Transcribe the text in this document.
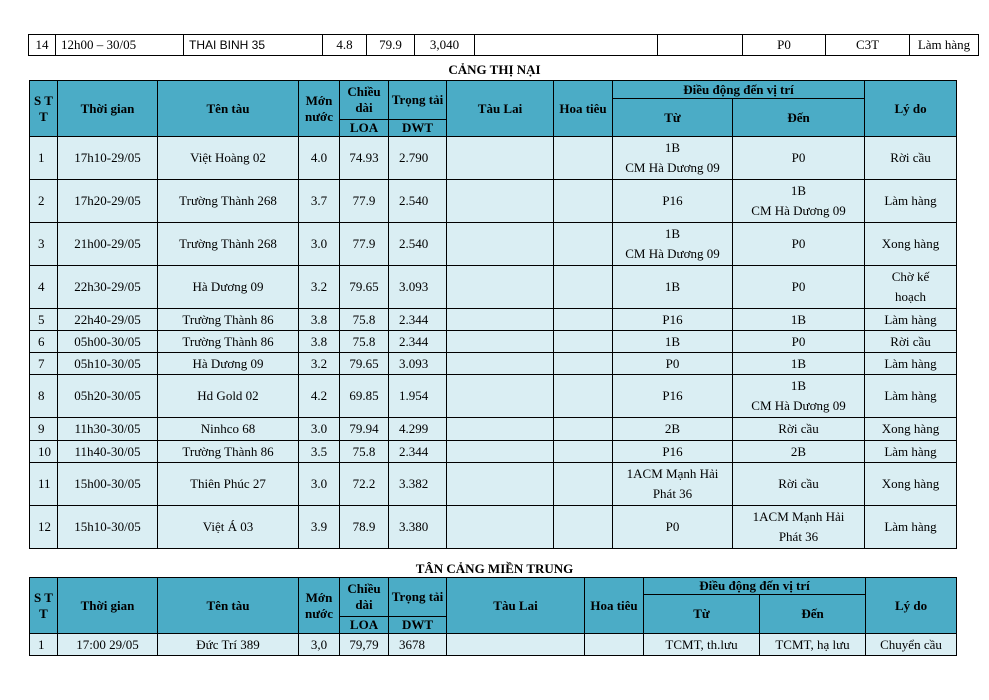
14	12h00 – 30/05	THAI BINH 35	4.8	79.9	3,040			P0	C3T	Làm hàng
CẢNG THỊ NẠI
S T T	Thời gian	Tên tàu	Mớn nước	Chiều dài	Trọng tải	Tàu Lai	Hoa tiêu	Điều động đến vị trí		Lý do
								Từ	Đến	
				LOA	DWT					
1	17h10-29/05	Việt Hoàng 02	4.0	74.93	2.790			1B
CM Hà Dương 09	P0	Rời cầu
2	17h20-29/05	Trường Thành 268	3.7	77.9	2.540			P16	1B
CM Hà Dương 09	Làm hàng
3	21h00-29/05	Trường Thành 268	3.0	77.9	2.540			1B
CM Hà Dương 09	P0	Xong hàng
4	22h30-29/05	Hà Dương 09	3.2	79.65	3.093			1B	P0	Chờ kế
hoạch
5	22h40-29/05	Trường Thành 86	3.8	75.8	2.344			P16	1B	Làm hàng
6	05h00-30/05	Trường Thành 86	3.8	75.8	2.344			1B	P0	Rời cầu
7	05h10-30/05	Hà Dương 09	3.2	79.65	3.093			P0	1B	Làm hàng
8	05h20-30/05	Hd Gold 02	4.2	69.85	1.954			P16	1B
CM Hà Dương 09	Làm hàng
9	11h30-30/05	Ninhco 68	3.0	79.94	4.299			2B	Rời cầu	Xong hàng
10	11h40-30/05	Trường Thành 86	3.5	75.8	2.344			P16	2B	Làm hàng
11	15h00-30/05	Thiên Phúc 27	3.0	72.2	3.382			1ACM Mạnh Hải
Phát 36	Rời cầu	Xong hàng
12	15h10-30/05	Việt Á 03	3.9	78.9	3.380			P0	1ACM Mạnh Hải
Phát 36	Làm hàng
TÂN CẢNG MIỀN TRUNG
S T T	Thời gian	Tên tàu	Mớn nước	Chiều dài	Trọng tải	Tàu Lai	Hoa tiêu	Điều động đến vị trí		Lý do
								Từ	Đến	
				LOA	DWT					
1	17:00 29/05	Đức Trí 389	3,0	79,79	3678			TCMT, th.lưu	TCMT, hạ lưu	Chuyển cầu
